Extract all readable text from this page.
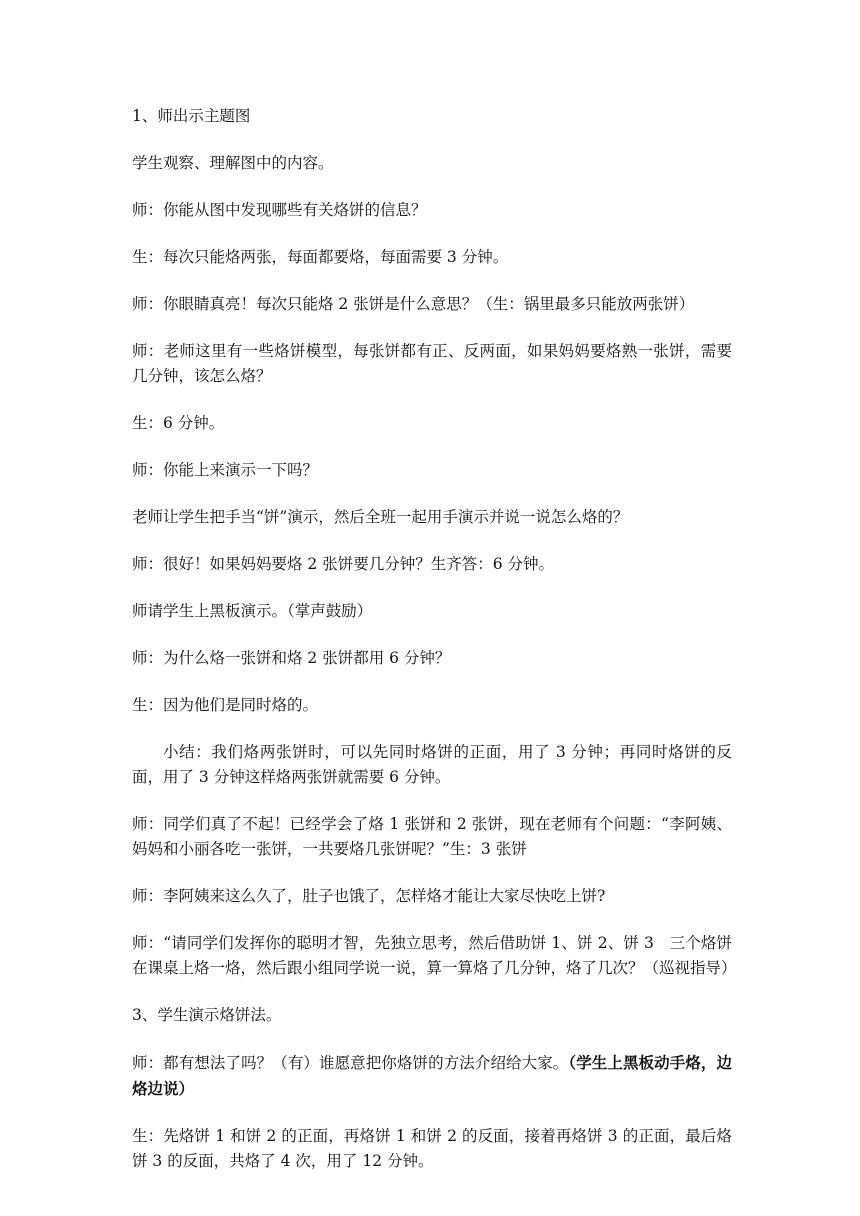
1、师出示主题图

学生观察、理解图中的内容。

师：你能从图中发现哪些有关烙饼的信息？

生：每次只能烙两张，每面都要烙，每面需要 3 分钟。

师：你眼睛真亮！每次只能烙 2 张饼是什么意思？（生：锅里最多只能放两张饼）

师：老师这里有一些烙饼模型，每张饼都有正、反两面，如果妈妈要烙熟一张饼，需要几分钟，该怎么烙？

生：6 分钟。

师：你能上来演示一下吗？

老师让学生把手当“饼”演示，然后全班一起用手演示并说一说怎么烙的？

师：很好！如果妈妈要烙 2 张饼要几分钟？生齐答：6 分钟。

师请学生上黑板演示。（掌声鼓励）

师：为什么烙一张饼和烙 2 张饼都用 6 分钟？

生：因为他们是同时烙的。

小结：我们烙两张饼时，可以先同时烙饼的正面，用了 3 分钟；再同时烙饼的反面，用了 3 分钟这样烙两张饼就需要 6 分钟。

师：同学们真了不起！已经学会了烙 1 张饼和 2 张饼，现在老师有个问题：“李阿姨、妈妈和小丽各吃一张饼，一共要烙几张饼呢？”生：3 张饼

师：李阿姨来这么久了，肚子也饿了，怎样烙才能让大家尽快吃上饼?

师：“请同学们发挥你的聪明才智，先独立思考，然后借助饼 1、饼 2、饼 3　三个烙饼在课桌上烙一烙，然后跟小组同学说一说，算一算烙了几分钟，烙了几次？（巡视指导）

3、学生演示烙饼法。

师：都有想法了吗？（有）谁愿意把你烙饼的方法介绍给大家。（学生上黑板动手烙，边烙边说）

生：先烙饼 1 和饼 2 的正面，再烙饼 1 和饼 2 的反面，接着再烙饼 3 的正面，最后烙饼 3 的反面，共烙了 4 次，用了 12 分钟。
